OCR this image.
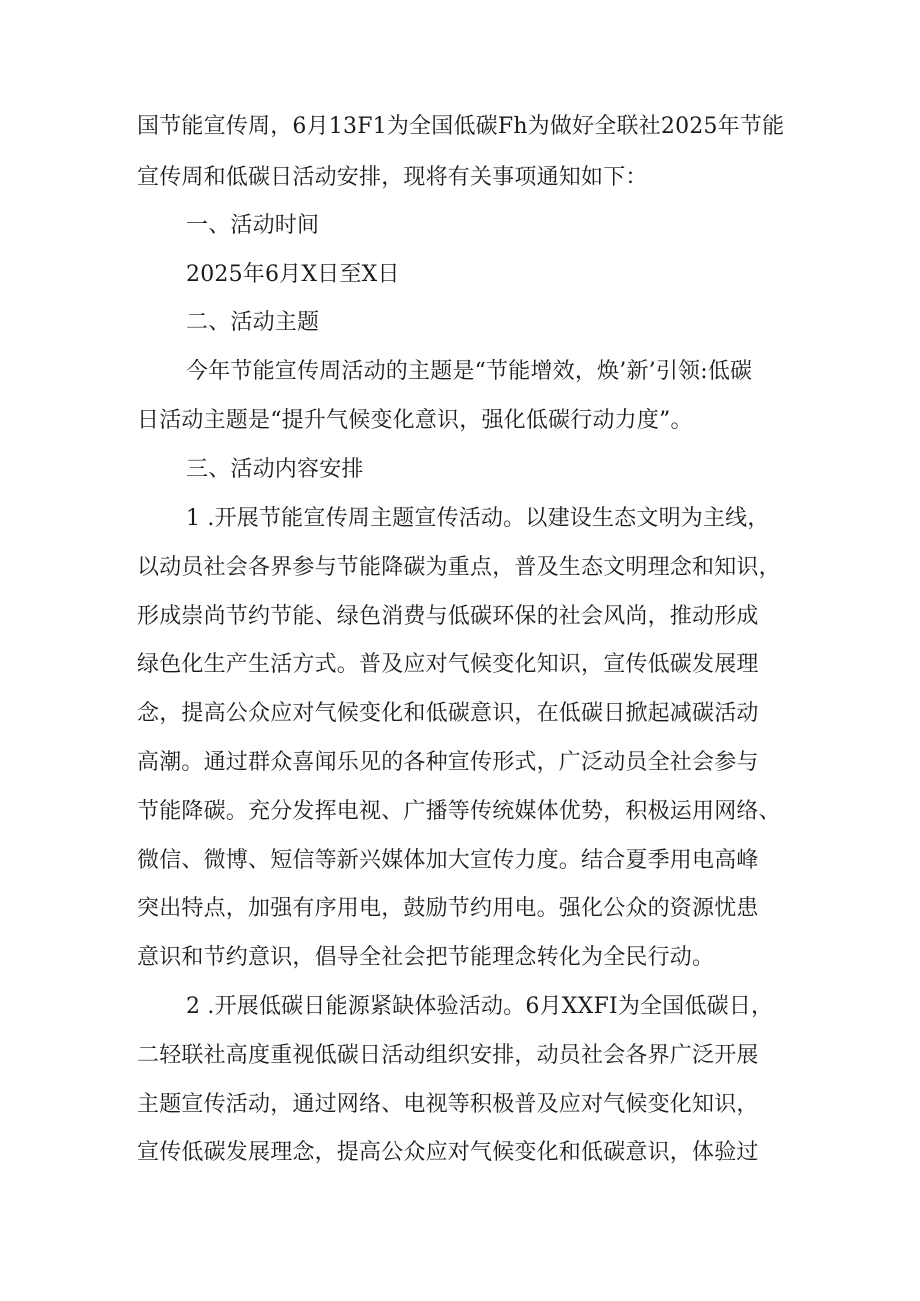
国节能宣传周，6月13F1为全国低碳Fh为做好全联社2025年节能
宣传周和低碳日活动安排，现将有关事项通知如下：
一、活动时间
2025年6月X日至X日
二、活动主题
今年节能宣传周活动的主题是“节能增效，焕’新’引领:低碳
日活动主题是“提升气候变化意识，强化低碳行动力度”。
三、活动内容安排
1 .开展节能宣传周主题宣传活动。以建设生态文明为主线，
以动员社会各界参与节能降碳为重点，普及生态文明理念和知识，
形成崇尚节约节能、绿色消费与低碳环保的社会风尚，推动形成
绿色化生产生活方式。普及应对气候变化知识，宣传低碳发展理
念，提高公众应对气候变化和低碳意识，在低碳日掀起减碳活动
高潮。通过群众喜闻乐见的各种宣传形式，广泛动员全社会参与
节能降碳。充分发挥电视、广播等传统媒体优势，积极运用网络、
微信、微博、短信等新兴媒体加大宣传力度。结合夏季用电高峰
突出特点，加强有序用电，鼓励节约用电。强化公众的资源忧患
意识和节约意识，倡导全社会把节能理念转化为全民行动。
2 .开展低碳日能源紧缺体验活动。6月XXFI为全国低碳日，
二轻联社高度重视低碳日活动组织安排，动员社会各界广泛开展
主题宣传活动，通过网络、电视等积极普及应对气候变化知识，
宣传低碳发展理念，提高公众应对气候变化和低碳意识，体验过
